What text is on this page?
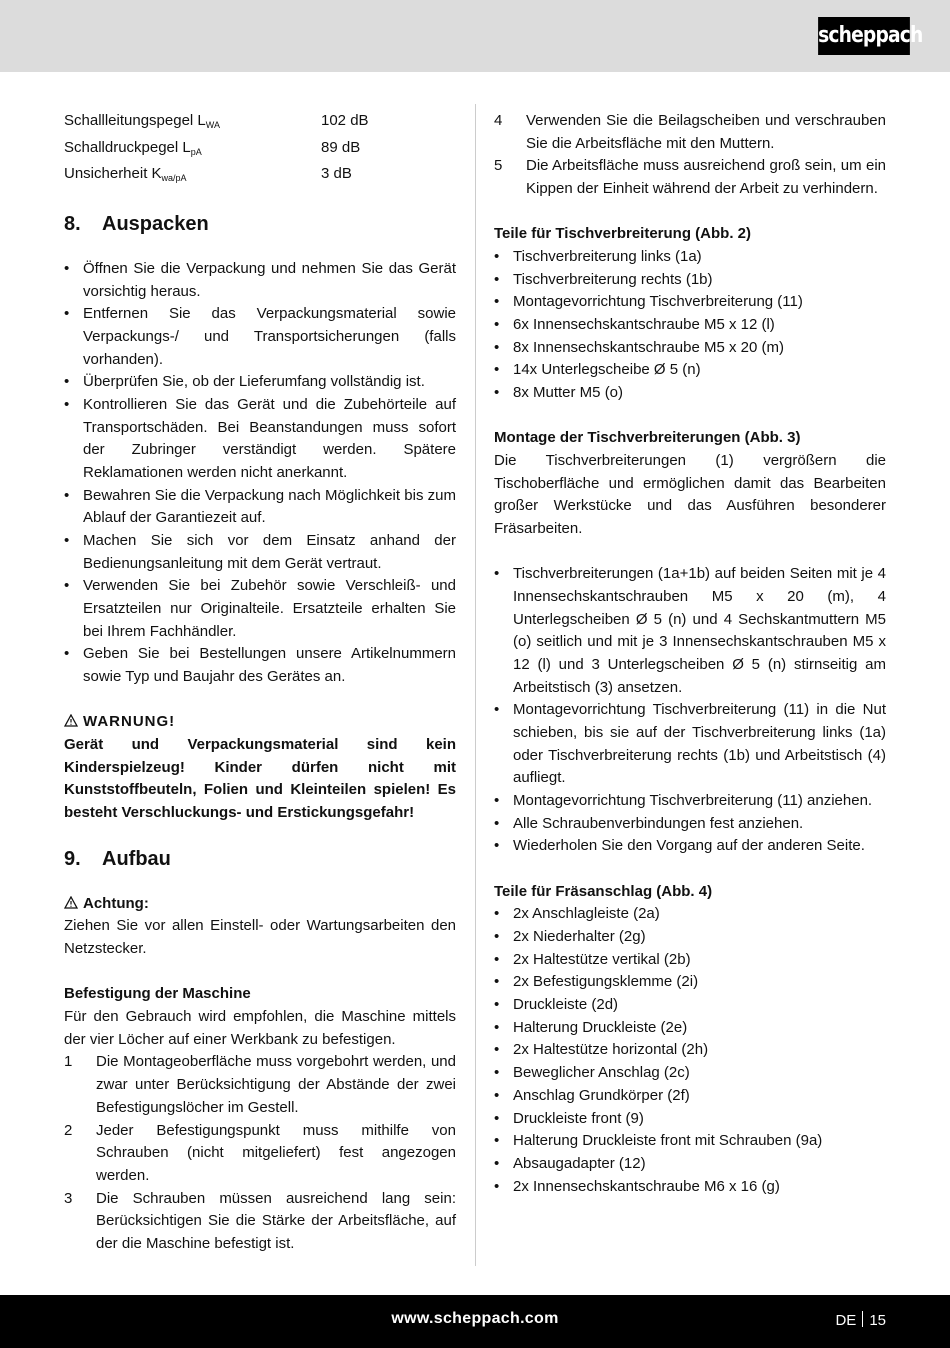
scheppach
Schallleitungspegel $L_{WA}$	102 dB
Schalldruckpegel $L_{pA}$	89 dB
Unsicherheit $K_{wa/pA}$	3 dB
8. Auspacken
• Öffnen Sie die Verpackung und nehmen Sie das Gerät vorsichtig heraus.
• Entfernen Sie das Verpackungsmaterial sowie Verpackungs-/ und Transportsicherungen (falls vorhanden).
• Überprüfen Sie, ob der Lieferumfang vollständig ist.
• Kontrollieren Sie das Gerät und die Zubehörteile auf Transportschäden. Bei Beanstandungen muss sofort der Zubringer verständigt werden. Spätere Reklamationen werden nicht anerkannt.
• Bewahren Sie die Verpackung nach Möglichkeit bis zum Ablauf der Garantiezeit auf.
• Machen Sie sich vor dem Einsatz anhand der Bedienungsanleitung mit dem Gerät vertraut.
• Verwenden Sie bei Zubehör sowie Verschleiß- und Ersatzteilen nur Originalteile. Ersatzteile erhalten Sie bei Ihrem Fachhändler.
• Geben Sie bei Bestellungen unsere Artikelnummern sowie Typ und Baujahr des Gerätes an.
WARNUNG!
Gerät und Verpackungsmaterial sind kein Kinderspielzeug! Kinder dürfen nicht mit Kunststoffbeuteln, Folien und Kleinteilen spielen! Es besteht Verschluckungs- und Erstickungsgefahr!
9. Aufbau
Achtung:
Ziehen Sie vor allen Einstell- oder Wartungsarbeiten den Netzstecker.
Befestigung der Maschine
Für den Gebrauch wird empfohlen, die Maschine mittels der vier Löcher auf einer Werkbank zu befestigen.
1 Die Montageoberfläche muss vorgebohrt werden, und zwar unter Berücksichtigung der Abstände der zwei Befestigungslöcher im Gestell.
2 Jeder Befestigungspunkt muss mithilfe von Schrauben (nicht mitgeliefert) fest angezogen werden.
3 Die Schrauben müssen ausreichend lang sein: Berücksichtigen Sie die Stärke der Arbeitsfläche, auf der die Maschine befestigt ist.
4 Verwenden Sie die Beilagscheiben und verschrauben Sie die Arbeitsfläche mit den Muttern.
5 Die Arbeitsfläche muss ausreichend groß sein, um ein Kippen der Einheit während der Arbeit zu verhindern.
Teile für Tischverbreiterung (Abb. 2)
• Tischverbreiterung links (1a)
• Tischverbreiterung rechts (1b)
• Montagevorrichtung Tischverbreiterung (11)
• 6x Innensechskantschraube M5 x 12 (l)
• 8x Innensechskantschraube M5 x 20 (m)
• 14x Unterlegscheibe Ø 5 (n)
• 8x Mutter M5 (o)
Montage der Tischverbreiterungen (Abb. 3)
Die Tischverbreiterungen (1) vergrößern die Tischoberfläche und ermöglichen damit das Bearbeiten großer Werkstücke und das Ausführen besonderer Fräsarbeiten.
• Tischverbreiterungen (1a+1b) auf beiden Seiten mit je 4 Innensechskantschrauben M5 x 20 (m), 4 Unterlegscheiben Ø 5 (n) und 4 Sechskantmuttern M5 (o) seitlich und mit je 3 Innensechskantschrauben M5 x 12 (l) und 3 Unterlegscheiben Ø 5 (n) stirnseitig am Arbeitstisch (3) ansetzen.
• Montagevorrichtung Tischverbreiterung (11) in die Nut schieben, bis sie auf der Tischverbreiterung links (1a) oder Tischverbreiterung rechts (1b) und Arbeitstisch (4) aufliegt.
• Montagevorrichtung Tischverbreiterung (11) anziehen.
• Alle Schraubenverbindungen fest anziehen.
• Wiederholen Sie den Vorgang auf der anderen Seite.
Teile für Fräsanschlag (Abb. 4)
• 2x Anschlagleiste (2a)
• 2x Niederhalter (2g)
• 2x Haltestütze vertikal (2b)
• 2x Befestigungsklemme (2i)
• Druckleiste (2d)
• Halterung Druckleiste (2e)
• 2x Haltestütze horizontal (2h)
• Beweglicher Anschlag (2c)
• Anschlag Grundkörper (2f)
• Druckleiste front (9)
• Halterung Druckleiste front mit Schrauben (9a)
• Absaugadapter (12)
• 2x Innensechskantschraube M6 x 16 (g)
www.scheppach.com	DE 15
